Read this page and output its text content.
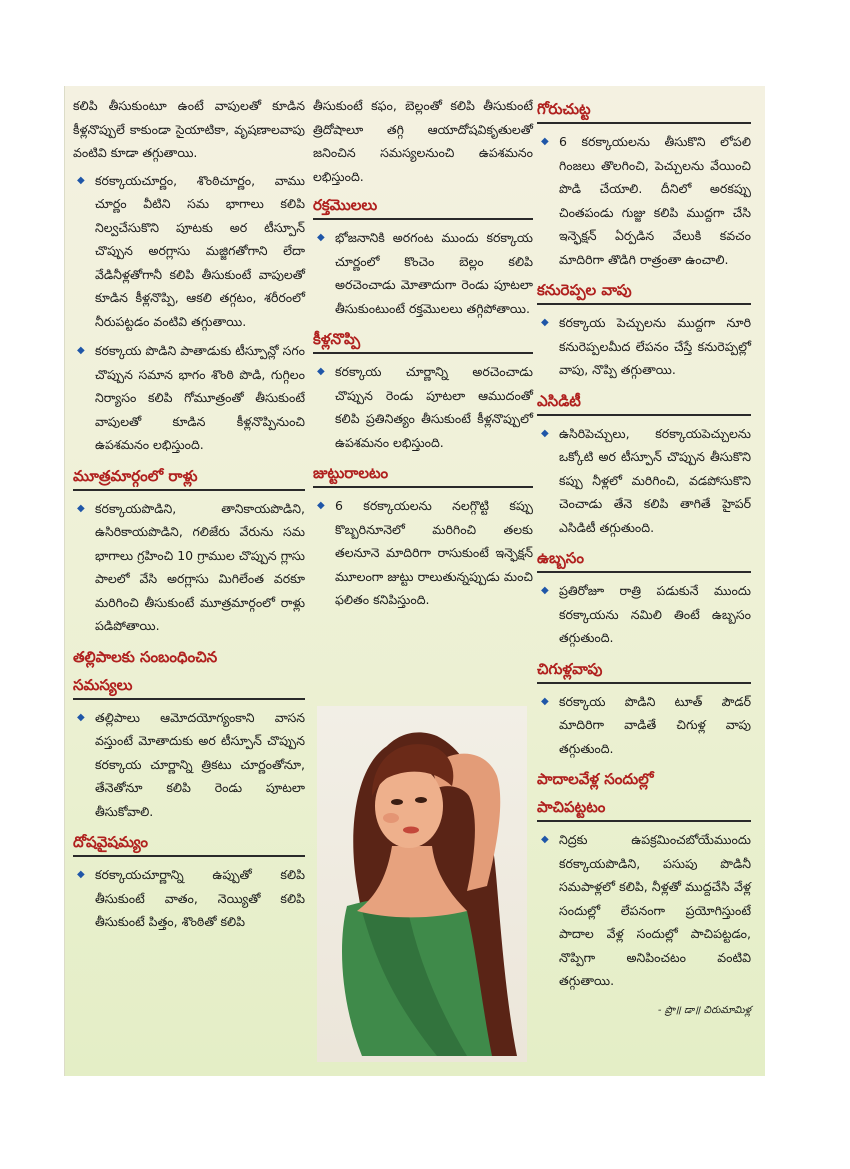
కలిపి తీసుకుంటూ ఉంటే వాపులతో కూడిన కీళ్లనొప్పులే కాకుండా సైయాటికా, వృషణాలవాపు వంటివి కూడా తగ్గుతాయి.

◆ కరక్కాయచూర్ణం, శొంఠిచూర్ణం, వాము చూర్ణం వీటిని సమ భాగాలు కలిపి నిల్వచేసుకొని పూటకు అర టీస్పూన్ చొప్పున అరగ్లాసు మజ్జిగతోగాని లేదా వేడినీళ్లతోగానీ కలిపి తీసుకుంటే వాపులతో కూడిన కీళ్లనొప్పి, ఆకలి తగ్గటం, శరీరంలో నీరుపట్టడం వంటివి తగ్గుతాయి.
◆ కరక్కాయ పొడిని పాతాడుకు టీస్పూన్లో సగం చొప్పున సమాన భాగం శొంఠి పొడి, గుగ్గిలం నిర్యాసం కలిపి గోమూత్రంతో తీసుకుంటే వాపులతో కూడిన కీళ్లనొప్పినుంచి ఉపశమనం లభిస్తుంది.
మూత్రమార్గంలో రాళ్లు
◆ కరక్కాయపొడిని, తానికాయపొడిని, ఉసిరికాయపొడిని, గలిజేరు వేరును సమ భాగాలు గ్రహించి 10 గ్రాముల చొప్పున గ్లాసు పాలలో వేసి అరగ్లాసు మిగిలేంత వరకూ మరిగించి తీసుకుంటే మూత్రమార్గంలో రాళ్లు పడిపోతాయి.
తల్లిపాలకు సంబంధించిన
సమస్యలు
◆ తల్లిపాలు ఆమోదయోగ్యంకాని వాసన వస్తుంటే మోతాదుకు అర టీస్పూన్ చొప్పున కరక్కాయ చూర్ణాన్ని త్రికటు చూర్ణంతోనూ, తేనెతోనూ కలిపి రెండు పూటలా తీసుకోవాలి.
దోషవైషమ్యం
◆ కరక్కాయచూర్ణాన్ని ఉప్పుతో కలిపి తీసుకుంటే వాతం, నెయ్యితో కలిపి తీసుకుంటే పిత్తం, శొంఠితో కలిపి

తీసుకుంటే కఫం, బెల్లంతో కలిపి తీసుకుంటే త్రిదోషాలూ తగ్గి ఆయాదోషవికృతులతో జనించిన సమస్యలనుంచి ఉపశమనం లభిస్తుంది.

రక్తమొలలు
◆ భోజనానికి అరగంట ముందు కరక్కాయ చూర్ణంలో కొంచెం బెల్లం కలిపి అరచెంచాడు మోతాదుగా రెండు పూటలా తీసుకుంటుంటే రక్తమొలలు తగ్గిపోతాయి.
కీళ్లనొప్పి
◆ కరక్కాయ చూర్ణాన్ని అరచెంచాడు చొప్పున రెండు పూటలా ఆముదంతో కలిపి ప్రతినిత్యం తీసుకుంటే కీళ్లనొప్పులో ఉపశమనం లభిస్తుంది.
జుట్టురాలటం
◆ 6 కరక్కాయలను నలగ్గొట్టి కప్పు కొబ్బరినూనెలో మరిగించి తలకు తలనూనె మాదిరిగా రాసుకుంటే ఇన్ఫెక్షన్ మూలంగా జుట్టు రాలుతున్నప్పుడు మంచి ఫలితం కనిపిస్తుంది.
గోరుచుట్ట
◆ 6 కరక్కాయలను తీసుకొని లోపలి గింజలు తొలగించి, పెచ్చులను వేయించి పొడి చేయాలి. దీనిలో అరకప్పు చింతపండు గుజ్జు కలిపి ముద్దగా చేసి ఇన్ఫెక్షన్ ఏర్పడిన వేలుకి కవచం మాదిరిగా తొడిగి రాత్రంతా ఉంచాలి.
కనురెప్పల వాపు
◆ కరక్కాయ పెచ్చులను ముద్దగా నూరి కనురెప్పలమీద లేపనం చేస్తే కనురెప్పల్లో వాపు, నొప్పి తగ్గుతాయి.
ఎసిడిటీ
◆ ఉసిరిపెచ్చులు, కరక్కాయపెచ్చులను ఒక్కోటి అర టీస్పూన్ చొప్పున తీసుకొని కప్పు నీళ్లలో మరిగించి, వడపోసుకొని చెంచాడు తేనె కలిపి తాగితే హైపర్ ఎసిడిటీ తగ్గుతుంది.
ఉబ్బసం
◆ ప్రతిరోజూ రాత్రి పడుకునే ముందు కరక్కాయను నమిలి తింటే ఉబ్బసం తగ్గుతుంది.
చిగుళ్లవాపు
◆ కరక్కాయ పొడిని టూత్ పౌడర్ మాదిరిగా వాడితే చిగుళ్ల వాపు తగ్గుతుంది.
పాదాలవేళ్ల సందుల్లో
పాచిపట్టటం
◆ నిద్రకు ఉపక్రమించబోయేముందు కరక్కాయపొడిని, పసుపు పొడినీ సమపాళ్లలో కలిపి, నీళ్లతో ముద్దచేసి వేళ్ల సందుల్లో లేపనంగా ప్రయోగిస్తుంటే పాదాల వేళ్ల సందుల్లో పాచిపట్టడం, నొప్పిగా అనిపించటం వంటివి తగ్గుతాయి.
- ప్రొ॥ డా॥ చిరుమామిళ్ల
